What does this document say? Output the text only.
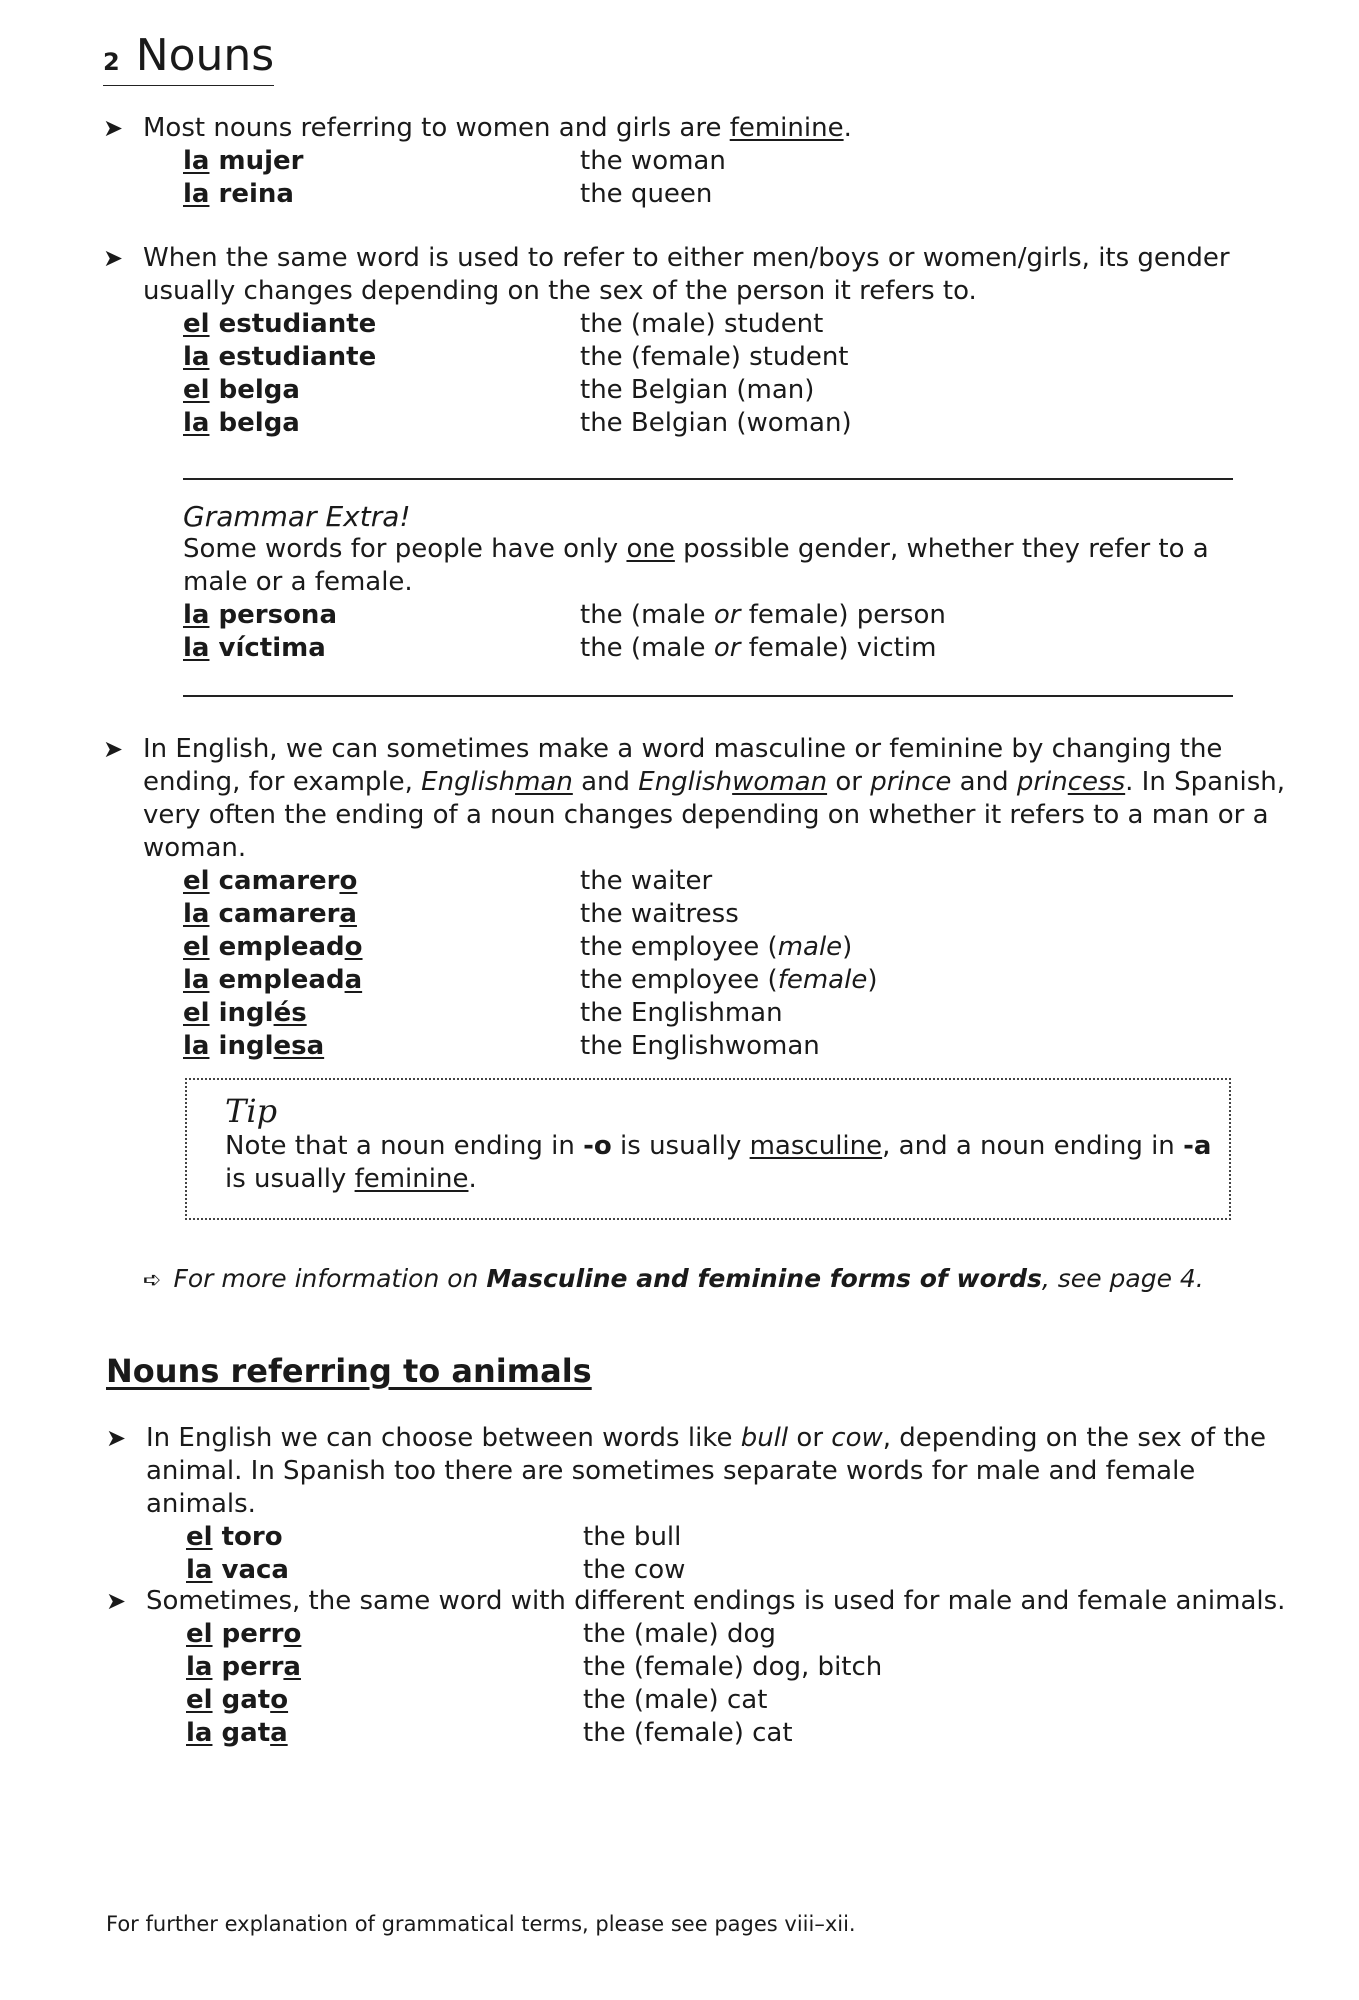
2 Nouns
➤ Most nouns referring to women and girls are feminine.
la mujer	the woman
la reina	the queen
➤ When the same word is used to refer to either men/boys or women/girls, its gender usually changes depending on the sex of the person it refers to.
el estudiante	the (male) student
la estudiante	the (female) student
el belga	the Belgian (man)
la belga	the Belgian (woman)
Grammar Extra!
Some words for people have only one possible gender, whether they refer to a male or a female.
la persona	the (male or female) person
la víctima	the (male or female) victim
➤ In English, we can sometimes make a word masculine or feminine by changing the ending, for example, Englishman and Englishwoman or prince and princess. In Spanish, very often the ending of a noun changes depending on whether it refers to a man or a woman.
el camarero	the waiter
la camarera	the waitress
el empleado	the employee (male)
la empleada	the employee (female)
el inglés	the Englishman
la inglesa	the Englishwoman
Tip
Note that a noun ending in -o is usually masculine, and a noun ending in -a
is usually feminine.
➪ For more information on Masculine and feminine forms of words, see page 4.
Nouns referring to animals
➤ In English we can choose between words like bull or cow, depending on the sex of the animal. In Spanish too there are sometimes separate words for male and female animals.
el toro	the bull
la vaca	the cow
➤ Sometimes, the same word with different endings is used for male and female animals.
el perro	the (male) dog
la perra	the (female) dog, bitch
el gato	the (male) cat
la gata	the (female) cat
For further explanation of grammatical terms, please see pages viii–xii.
